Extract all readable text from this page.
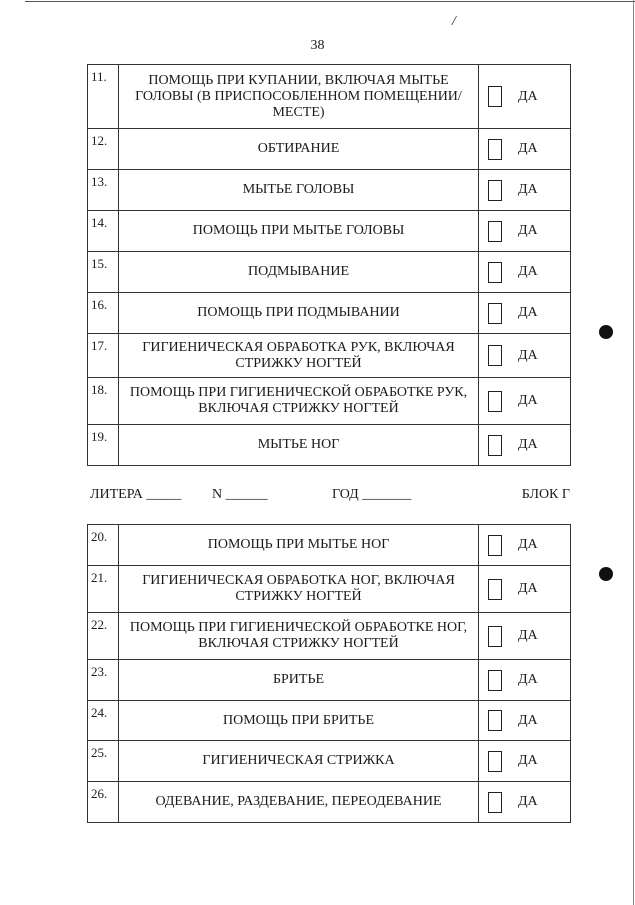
/
38
11.	ПОМОЩЬ ПРИ КУПАНИИ, ВКЛЮЧАЯ МЫТЬЕ ГОЛОВЫ (В ПРИСПОСОБЛЕННОМ ПОМЕЩЕНИИ/МЕСТЕ)	ДА

12.	ОБТИРАНИЕ	ДА

13.	МЫТЬЕ ГОЛОВЫ	ДА

14.	ПОМОЩЬ ПРИ МЫТЬЕ ГОЛОВЫ	ДА

15.	ПОДМЫВАНИЕ	ДА

16.	ПОМОЩЬ ПРИ ПОДМЫВАНИИ	ДА

17.	ГИГИЕНИЧЕСКАЯ ОБРАБОТКА РУК, ВКЛЮЧАЯ СТРИЖКУ НОГТЕЙ	ДА

18.	ПОМОЩЬ ПРИ ГИГИЕНИЧЕСКОЙ ОБРАБОТКЕ РУК, ВКЛЮЧАЯ СТРИЖКУ НОГТЕЙ	ДА

19.	МЫТЬЕ НОГ	ДА
ЛИТЕРА _____ N ______	ГОД _______	БЛОК Г
20.	ПОМОЩЬ ПРИ МЫТЬЕ НОГ	ДА

21.	ГИГИЕНИЧЕСКАЯ ОБРАБОТКА НОГ, ВКЛЮЧАЯ СТРИЖКУ НОГТЕЙ	ДА

22.	ПОМОЩЬ ПРИ ГИГИЕНИЧЕСКОЙ ОБРАБОТКЕ НОГ, ВКЛЮЧАЯ СТРИЖКУ НОГТЕЙ	ДА

23.	БРИТЬЕ	ДА

24.	ПОМОЩЬ ПРИ БРИТЬЕ	ДА

25.	ГИГИЕНИЧЕСКАЯ СТРИЖКА	ДА

26.	ОДЕВАНИЕ, РАЗДЕВАНИЕ, ПЕРЕОДЕВАНИЕ	ДА
